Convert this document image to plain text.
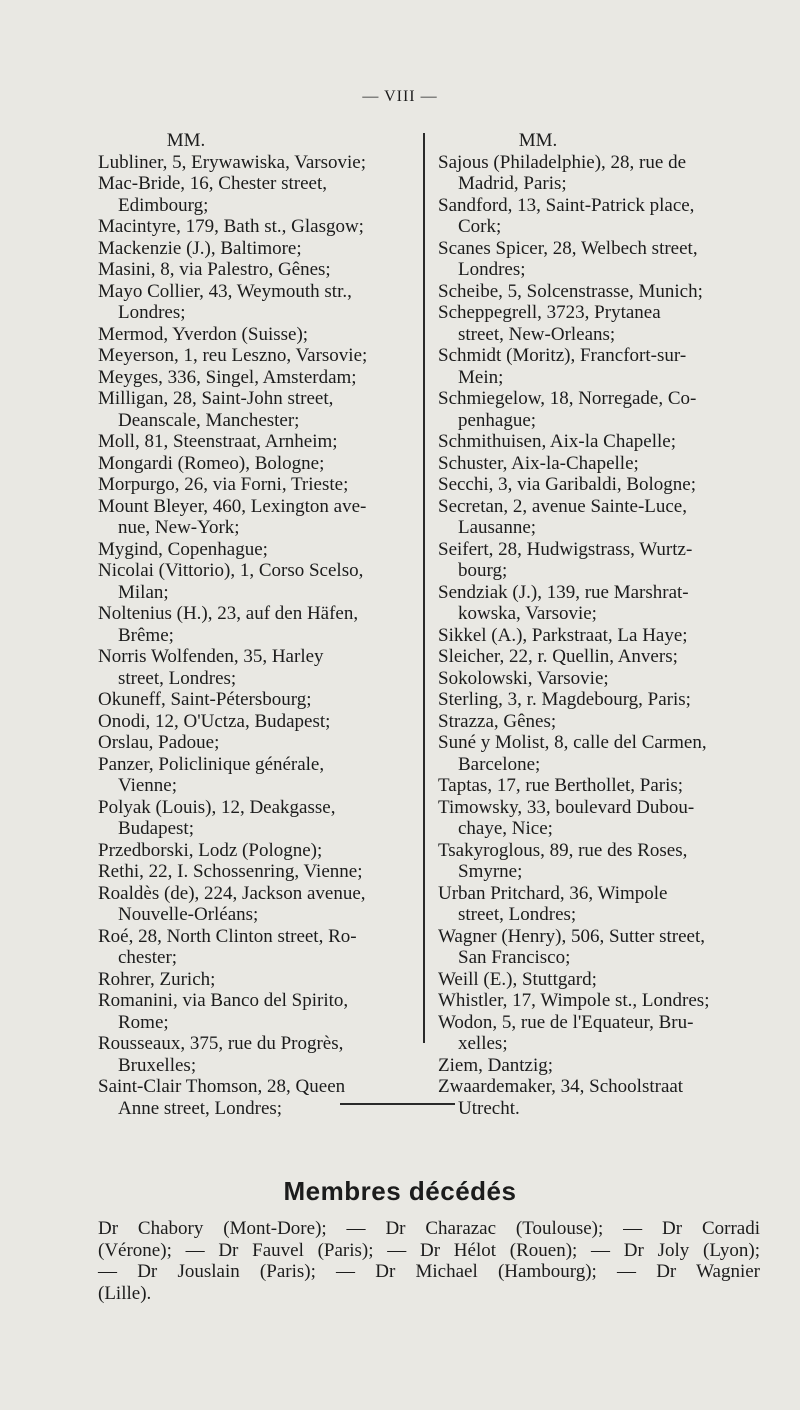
— VIII —

MM.

Lubliner, 5, Erywawiska, Varsovie;

Mac-Bride, 16, Chester street,
Edimbourg;

Macintyre, 179, Bath st., Glasgow;

Mackenzie (J.), Baltimore;

Masini, 8, via Palestro, Gênes;

Mayo Collier, 43, Weymouth str.,
Londres;

Mermod, Yverdon (Suisse);

Meyerson, 1, reu Leszno, Varsovie;

Meyges, 336, Singel, Amsterdam;

Milligan, 28, Saint-John street,
Deanscale, Manchester;

Moll, 81, Steenstraat, Arnheim;

Mongardi (Romeo), Bologne;

Morpurgo, 26, via Forni, Trieste;

Mount Bleyer, 460, Lexington ave-
nue, New-York;

Mygind, Copenhague;

Nicolai (Vittorio), 1, Corso Scelso,
Milan;

Noltenius (H.), 23, auf den Häfen,
Brême;

Norris Wolfenden, 35, Harley
street, Londres;

Okuneff, Saint-Pétersbourg;

Onodi, 12, O'Uctza, Budapest;

Orslau, Padoue;

Panzer, Policlinique générale,
Vienne;

Polyak (Louis), 12, Deakgasse,
Budapest;

Przedborski, Lodz (Pologne);

Rethi, 22, I. Schossenring, Vienne;

Roaldès (de), 224, Jackson avenue,
Nouvelle-Orléans;

Roé, 28, North Clinton street, Ro-
chester;

Rohrer, Zurich;

Romanini, via Banco del Spirito,
Rome;

Rousseaux, 375, rue du Progrès,
Bruxelles;

Saint-Clair Thomson, 28, Queen
Anne street, Londres;

MM.

Sajous (Philadelphie), 28, rue de
Madrid, Paris;

Sandford, 13, Saint-Patrick place,
Cork;

Scanes Spicer, 28, Welbech street,
Londres;

Scheibe, 5, Solcenstrasse, Munich;

Scheppegrell, 3723, Prytanea
street, New-Orleans;

Schmidt (Moritz), Francfort-sur-
Mein;

Schmiegelow, 18, Norregade, Co-
penhague;

Schmithuisen, Aix-la Chapelle;

Schuster, Aix-la-Chapelle;

Secchi, 3, via Garibaldi, Bologne;

Secretan, 2, avenue Sainte-Luce,
Lausanne;

Seifert, 28, Hudwigstrass, Wurtz-
bourg;

Sendziak (J.), 139, rue Marshrat-
kowska, Varsovie;

Sikkel (A.), Parkstraat, La Haye;

Sleicher, 22, r. Quellin, Anvers;

Sokolowski, Varsovie;

Sterling, 3, r. Magdebourg, Paris;

Strazza, Gênes;

Suné y Molist, 8, calle del Carmen,
Barcelone;

Taptas, 17, rue Berthollet, Paris;

Timowsky, 33, boulevard Dubou-
chaye, Nice;

Tsakyroglous, 89, rue des Roses,
Smyrne;

Urban Pritchard, 36, Wimpole
street, Londres;

Wagner (Henry), 506, Sutter street,
San Francisco;

Weill (E.), Stuttgard;

Whistler, 17, Wimpole st., Londres;

Wodon, 5, rue de l'Equateur, Bru-
xelles;

Ziem, Dantzig;

Zwaardemaker, 34, Schoolstraat
Utrecht.

Membres décédés
Dr Chabory (Mont-Dore); — Dr Charazac (Toulouse); — Dr Corradi
(Vérone); — Dr Fauvel (Paris); — Dr Hélot (Rouen); — Dr Joly (Lyon);
— Dr Jouslain (Paris); — Dr Michael (Hambourg); — Dr Wagnier
(Lille).
